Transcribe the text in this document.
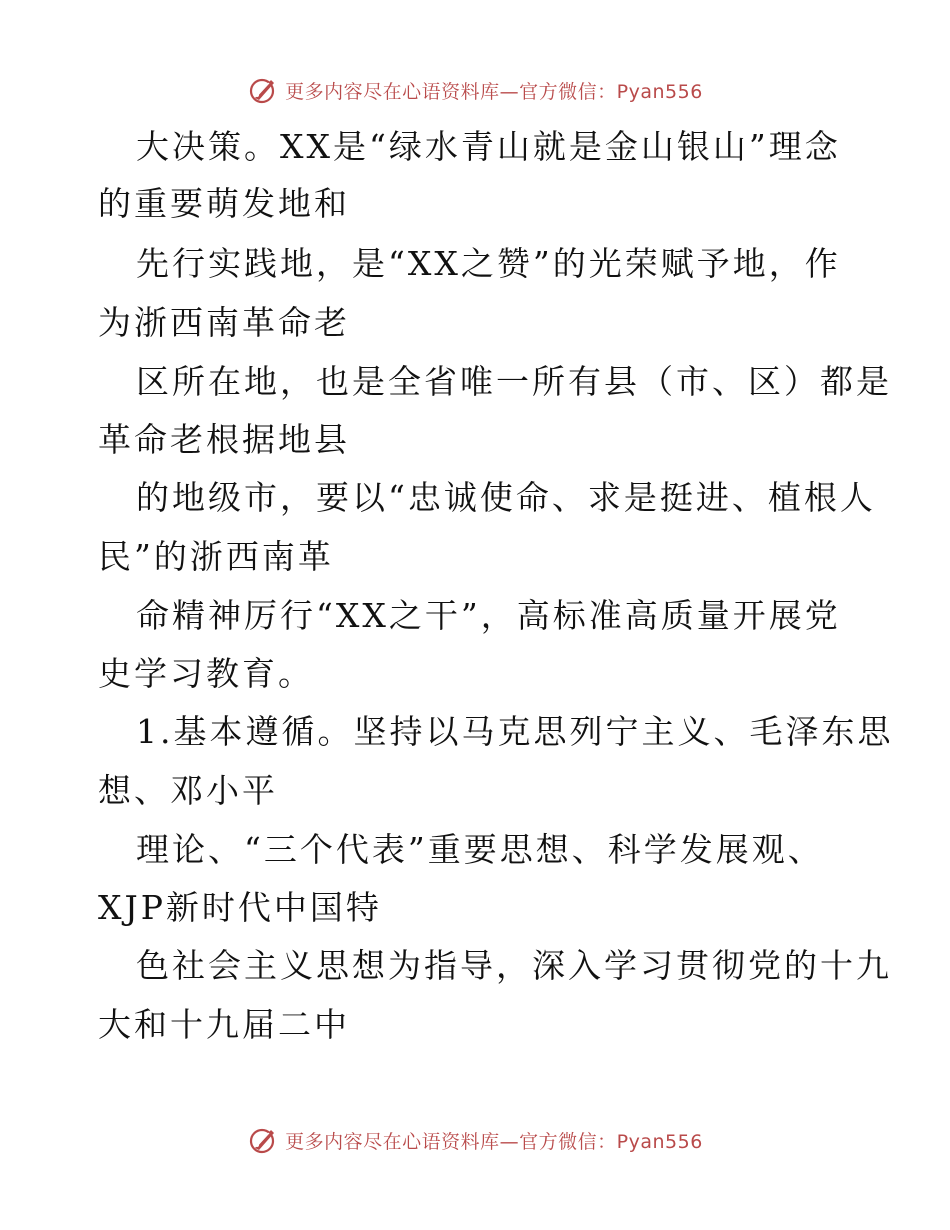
更多内容尽在心语资料库—官方微信：Pyan556
大决策。XX是“绿水青山就是金山银山”理念
的重要萌发地和
先行实践地，是“XX之赞”的光荣赋予地，作
为浙西南革命老
区所在地，也是全省唯一所有县（市、区）都是
革命老根据地县
的地级市，要以“忠诚使命、求是挺进、植根人
民”的浙西南革
命精神厉行“XX之干”，高标准高质量开展党
史学习教育。
1.基本遵循。坚持以马克思列宁主义、毛泽东思
想、邓小平
理论、“三个代表”重要思想、科学发展观、
XJP新时代中国特
色社会主义思想为指导，深入学习贯彻党的十九
大和十九届二中
更多内容尽在心语资料库—官方微信：Pyan556
